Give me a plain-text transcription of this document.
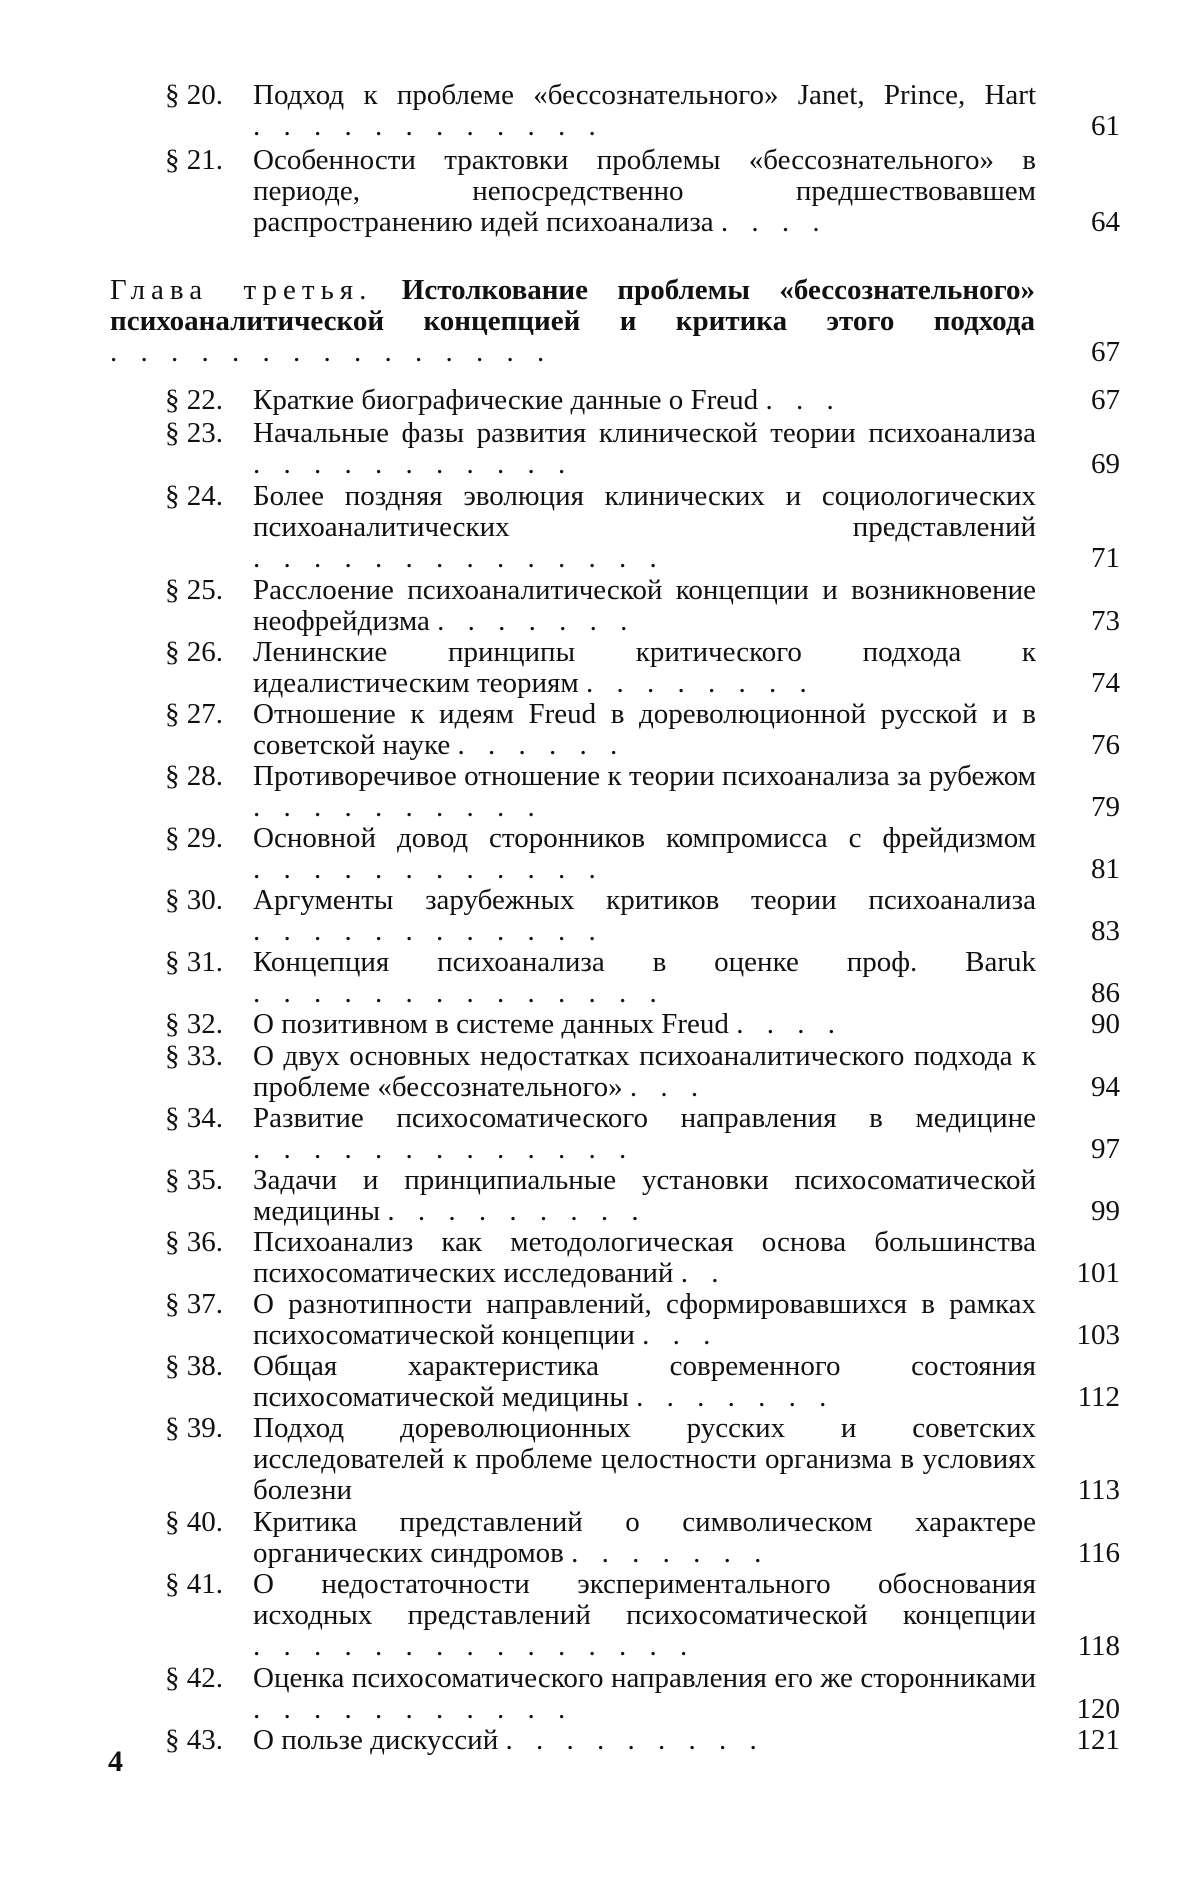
§ 20.	Подход к проблеме «бессознательного» Janet, Prince, Hart . . . . . . . . . . . .	61
§ 21.	Особенности трактовки проблемы «бессознательного» в периоде, непосредственно предшествовавшем распространению идей психоанализа . . . .	64
Глава третья. Истолкование проблемы «бессознательного» психоаналитической концепцией и критика этого подхода . . . . . . . . . . . . . . .	67
§ 22.	Краткие биографические данные о Freud . . .	67
§ 23.	Начальные фазы развития клинической теории психоанализа . . . . . . . . . . .	69
§ 24.	Более поздняя эволюция клинических и социологических психоаналитических представлений . . . . . . . . . . . . . .	71
§ 25.	Расслоение психоаналитической концепции и возникновение неофрейдизма . . . . . . .	73
§ 26.	Ленинские принципы критического подхода к идеалистическим теориям . . . . . . . .	74
§ 27.	Отношение к идеям Freud в дореволюционной русской и в советской науке . . . . . .	76
§ 28.	Противоречивое отношение к теории психоанализа за рубежом . . . . . . . . . .	79
§ 29.	Основной довод сторонников компромисса с фрейдизмом . . . . . . . . . . . .	81
§ 30.	Аргументы зарубежных критиков теории психоанализа . . . . . . . . . . . .	83
§ 31.	Концепция психоанализа в оценке проф. Baruk . . . . . . . . . . . . . .	86
§ 32.	О позитивном в системе данных Freud . . . .	90
§ 33.	О двух основных недостатках психоаналитического подхода к проблеме «бессознательного» . . .	94
§ 34.	Развитие психосоматического направления в медицине . . . . . . . . . . . . .	97
§ 35.	Задачи и принципиальные установки психосоматической медицины . . . . . . . . .	99
§ 36.	Психоанализ как методологическая основа большинства психосоматических исследований . .	101
§ 37.	О разнотипности направлений, сформировавшихся в рамках психосоматической концепции . . .	103
§ 38.	Общая характеристика современного состояния психосоматической медицины . . . . . . .	112
§ 39.	Подход дореволюционных русских и советских исследователей к проблеме целостности организма в условиях болезни	113
§ 40.	Критика представлений о символическом характере органических синдромов . . . . . . .	116
§ 41.	О недостаточности экспериментального обоснования исходных представлений психосоматической концепции . . . . . . . . . . . . . . .	118
§ 42.	Оценка психосоматического направления его же сторонниками . . . . . . . . . . .	120
§ 43.	О пользе дискуссий . . . . . . . . .	121
4
